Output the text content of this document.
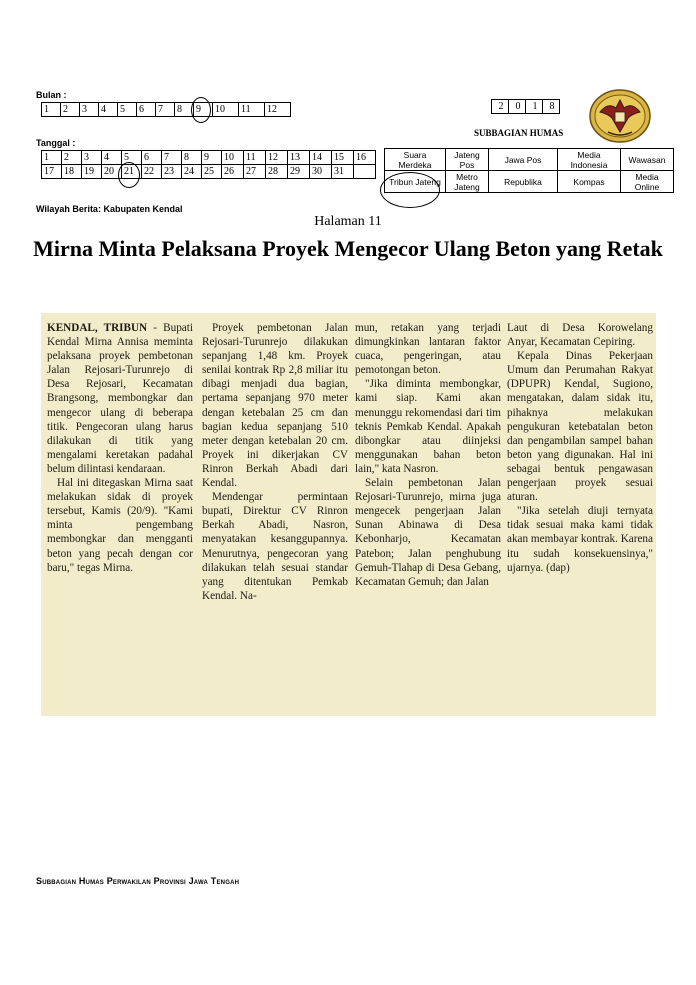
Bulan :
1	2	3	4	5	6	7	8	9	10	11	12	2	0	1	8
SUBBAGIAN HUMAS
Tanggal :
1	2	3	4	5	6	7	8	9	10	11	12	13	14	15	16
17	18	19	20	21	22	23	24	25	26	27	28	29	30	31	
Suara Merdeka	Jateng Pos	Jawa Pos	Media Indonesia	Wawasan
Tribun Jateng	Metro Jateng	Republika	Kompas	Media Online
Wilayah Berita: Kabupaten Kendal
Halaman 11
Mirna Minta Pelaksana Proyek Mengecor Ulang Beton yang Retak

KENDAL, TRIBUN - Bupati Kendal Mirna Annisa meminta pelaksana proyek pembetonan Jalan Rejosari-Turunrejo di Desa Rejosari, Kecamatan Brangsong, membongkar dan mengecor ulang di beberapa titik. Pengecoran ulang harus dilakukan di titik yang mengalami keretakan padahal belum dilintasi kendaraan.

Hal ini ditegaskan Mirna saat melakukan sidak di proyek tersebut, Kamis (20/9). "Kami minta pengembang membongkar dan mengganti beton yang pecah dengan cor baru," tegas Mirna.

Proyek pembetonan Jalan Rejosari-Turunrejo dilakukan sepanjang 1,48 km. Proyek senilai kontrak Rp 2,8 miliar itu dibagi menjadi dua bagian, pertama sepanjang 970 meter dengan ketebalan 25 cm dan bagian kedua sepanjang 510 meter dengan ketebalan 20 cm. Proyek ini dikerjakan CV Rinron Berkah Abadi dari Kendal.

Mendengar permintaan bupati, Direktur CV Rinron Berkah Abadi, Nasron, menyatakan kesanggupannya. Menurutnya, pengecoran yang dilakukan telah sesuai standar yang ditentukan Pemkab Kendal. Na-

mun, retakan yang terjadi dimungkinkan lantaran faktor cuaca, pengeringan, atau pemotongan beton.

"Jika diminta membongkar, kami siap. Kami akan menunggu rekomendasi dari tim teknis Pemkab Kendal. Apakah dibongkar atau diinjeksi menggunakan bahan beton lain," kata Nasron.

Selain pembetonan Jalan Rejosari-Turunrejo, mirna juga mengecek pengerjaan Jalan Sunan Abinawa di Desa Kebonharjo, Kecamatan Patebon; Jalan penghubung Gemuh-Tlahap di Desa Gebang, Kecamatan Gemuh; dan Jalan

Laut di Desa Korowelang Anyar, Kecamatan Cepiring.

Kepala Dinas Pekerjaan Umum dan Perumahan Rakyat (DPUPR) Kendal, Sugiono, mengatakan, dalam sidak itu, pihaknya melakukan pengukuran ketebatalan beton dan pengambilan sampel bahan beton yang digunakan. Hal ini sebagai bentuk pengawasan pengerjaan proyek sesuai aturan.

"Jika setelah diuji ternyata tidak sesuai maka kami tidak akan membayar kontrak. Karena itu sudah konsekuensinya," ujarnya. (dap)

Subbagian Humas Perwakilan Provinsi Jawa Tengah
